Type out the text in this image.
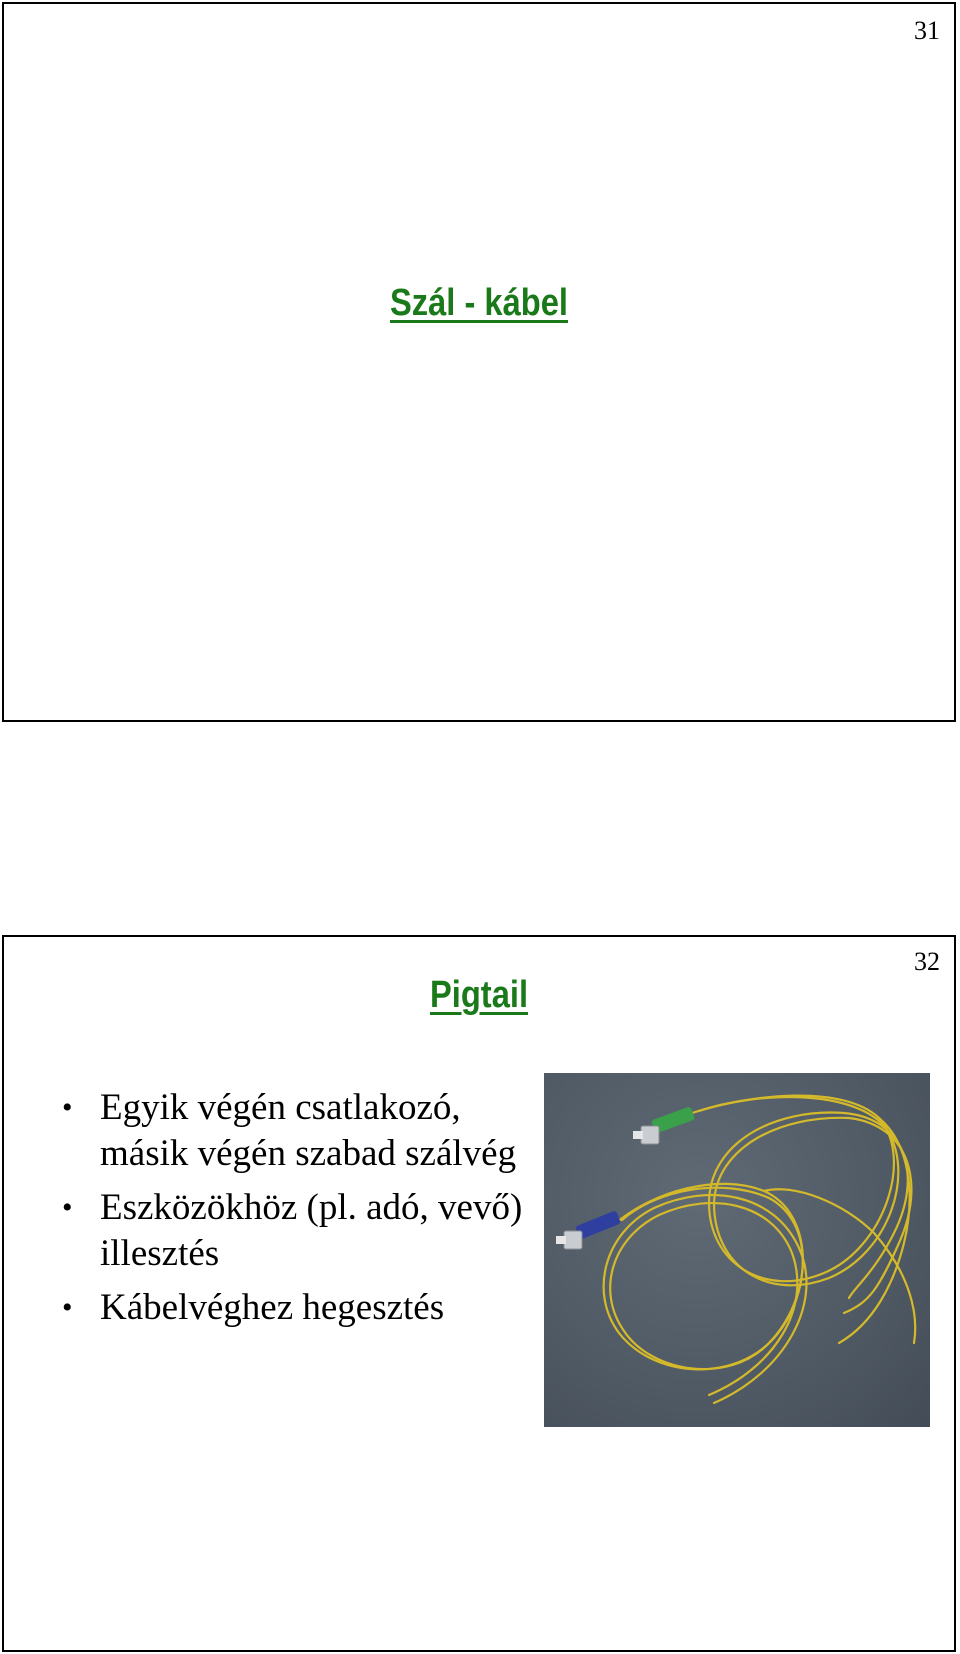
31
Szál - kábel
32
Pigtail
• Egyik végén csatlakozó, másik végén szabad szálvég
• Eszközökhöz (pl. adó, vevő) illesztés
• Kábelvéghez hegesztés
